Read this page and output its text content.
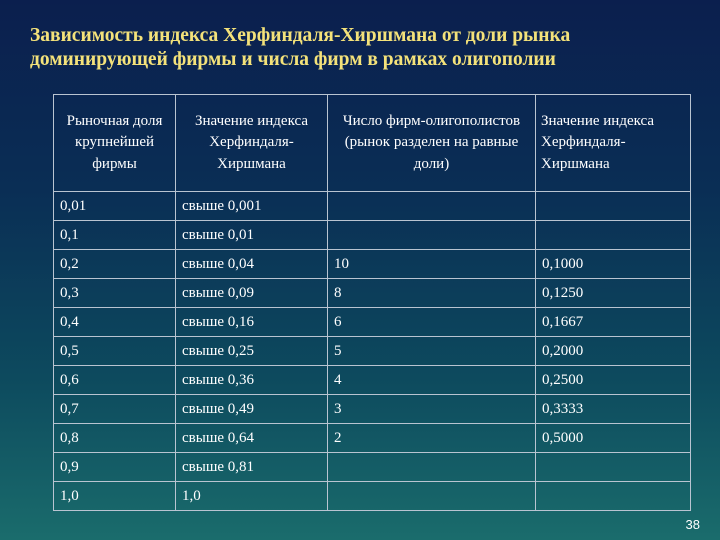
Зависимость индекса Херфиндаля-Хиршмана от доли рынка доминирующей фирмы и числа фирм в рамках олигополии
Рыночная доля крупнейшей фирмы	Значение индекса Херфиндаля-Хиршмана	Число фирм-олигополистов (рынок разделен на равные доли)	Значение индекса Херфиндаля-Хиршмана
0,01	свыше 0,001		
0,1	свыше 0,01		
0,2	свыше 0,04	10	0,1000
0,3	свыше 0,09	8	0,1250
0,4	свыше 0,16	6	0,1667
0,5	свыше 0,25	5	0,2000
0,6	свыше 0,36	4	0,2500
0,7	свыше 0,49	3	0,3333
0,8	свыше 0,64	2	0,5000
0,9	свыше 0,81		
1,0	1,0		
38
